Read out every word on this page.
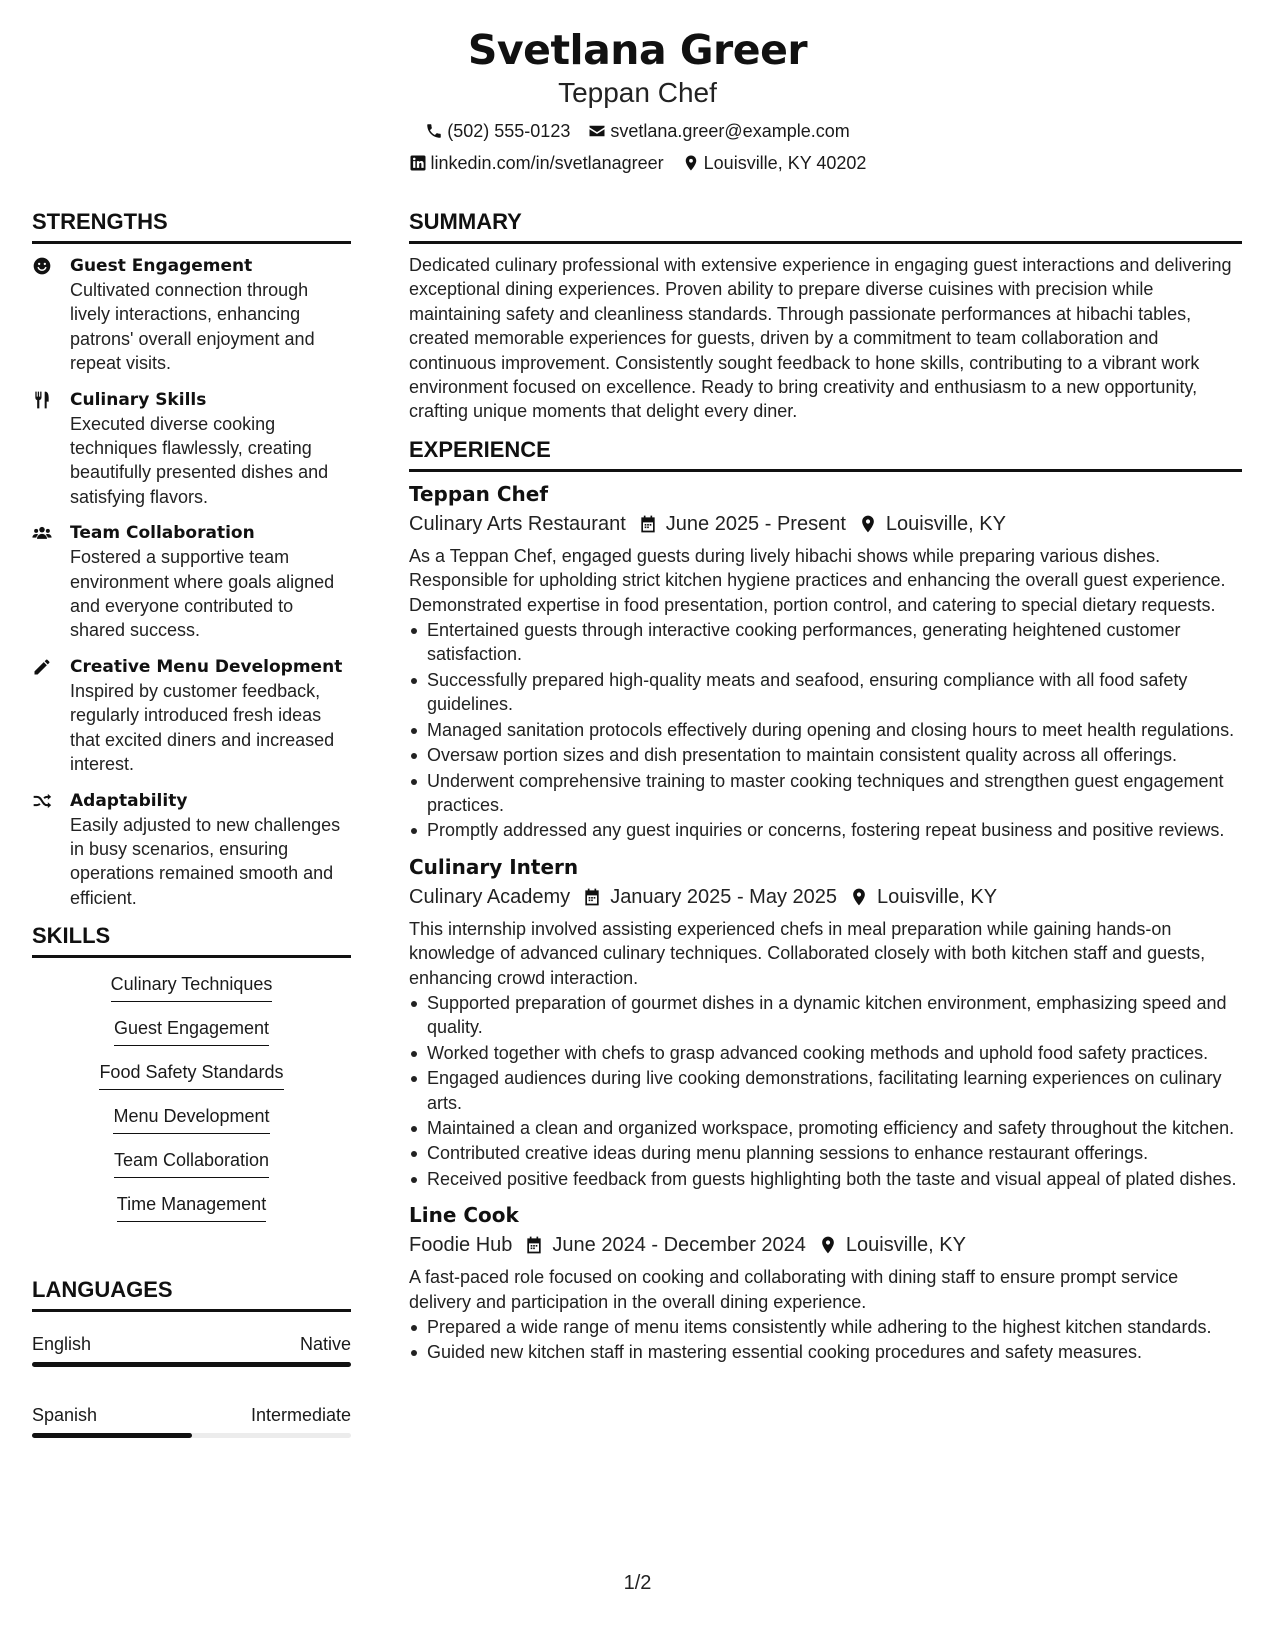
Svetlana Greer
Teppan Chef
(502) 555-0123 svetlana.greer@example.com
linkedin.com/in/svetlanagreer Louisville, KY 40202
STRENGTHS
Guest Engagement
Cultivated connection through lively interactions, enhancing patrons' overall enjoyment and repeat visits.
Culinary Skills
Executed diverse cooking techniques flawlessly, creating beautifully presented dishes and satisfying flavors.
Team Collaboration
Fostered a supportive team environment where goals aligned and everyone contributed to shared success.
Creative Menu Development
Inspired by customer feedback, regularly introduced fresh ideas that excited diners and increased interest.
Adaptability
Easily adjusted to new challenges in busy scenarios, ensuring operations remained smooth and efficient.
SKILLS
Culinary Techniques
Guest Engagement
Food Safety Standards
Menu Development
Team Collaboration
Time Management
LANGUAGES
English	Native
Spanish	Intermediate
SUMMARY
Dedicated culinary professional with extensive experience in engaging guest interactions and delivering exceptional dining experiences. Proven ability to prepare diverse cuisines with precision while maintaining safety and cleanliness standards. Through passionate performances at hibachi tables, created memorable experiences for guests, driven by a commitment to team collaboration and continuous improvement. Consistently sought feedback to hone skills, contributing to a vibrant work environment focused on excellence. Ready to bring creativity and enthusiasm to a new opportunity, crafting unique moments that delight every diner.
EXPERIENCE
Teppan Chef
Culinary Arts Restaurant June 2025 - Present Louisville, KY
As a Teppan Chef, engaged guests during lively hibachi shows while preparing various dishes. Responsible for upholding strict kitchen hygiene practices and enhancing the overall guest experience. Demonstrated expertise in food presentation, portion control, and catering to special dietary requests.
Entertained guests through interactive cooking performances, generating heightened customer satisfaction.
Successfully prepared high-quality meats and seafood, ensuring compliance with all food safety guidelines.
Managed sanitation protocols effectively during opening and closing hours to meet health regulations.
Oversaw portion sizes and dish presentation to maintain consistent quality across all offerings.
Underwent comprehensive training to master cooking techniques and strengthen guest engagement practices.
Promptly addressed any guest inquiries or concerns, fostering repeat business and positive reviews.
Culinary Intern
Culinary Academy January 2025 - May 2025 Louisville, KY
This internship involved assisting experienced chefs in meal preparation while gaining hands-on knowledge of advanced culinary techniques. Collaborated closely with both kitchen staff and guests, enhancing crowd interaction.
Supported preparation of gourmet dishes in a dynamic kitchen environment, emphasizing speed and quality.
Worked together with chefs to grasp advanced cooking methods and uphold food safety practices.
Engaged audiences during live cooking demonstrations, facilitating learning experiences on culinary arts.
Maintained a clean and organized workspace, promoting efficiency and safety throughout the kitchen.
Contributed creative ideas during menu planning sessions to enhance restaurant offerings.
Received positive feedback from guests highlighting both the taste and visual appeal of plated dishes.
Line Cook
Foodie Hub June 2024 - December 2024 Louisville, KY
A fast-paced role focused on cooking and collaborating with dining staff to ensure prompt service delivery and participation in the overall dining experience.
Prepared a wide range of menu items consistently while adhering to the highest kitchen standards.
Guided new kitchen staff in mastering essential cooking procedures and safety measures.
1/2
